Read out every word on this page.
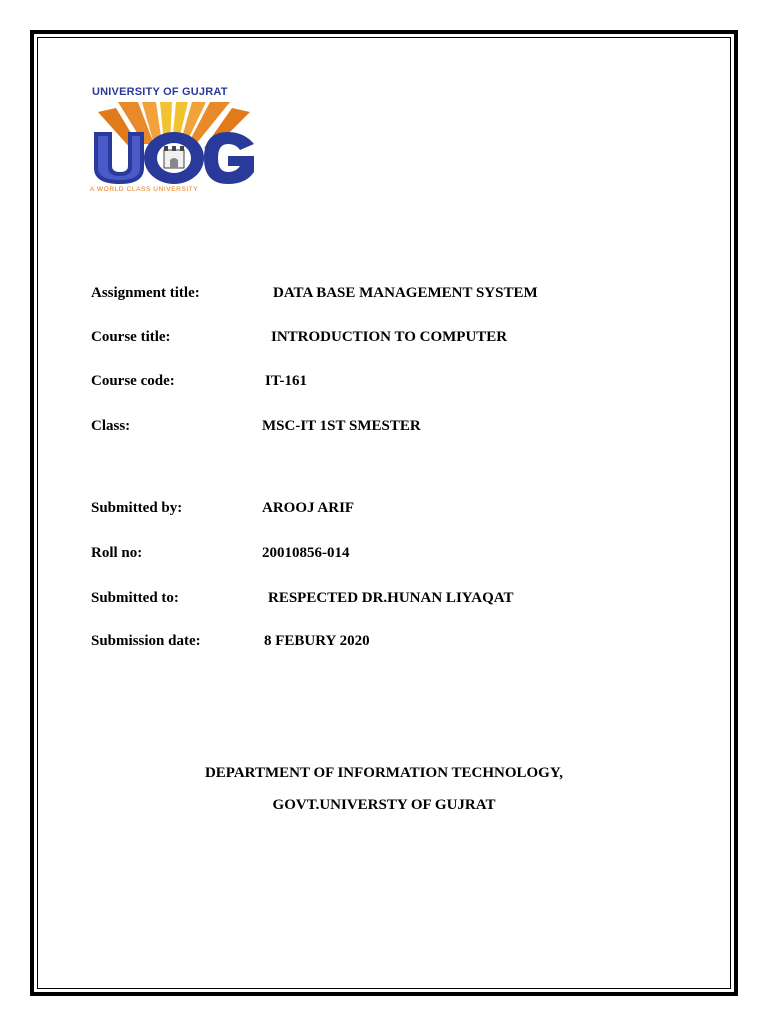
UNIVERSITY OF GUJRAT
A WORLD CLASS UNIVERSITY
Assignment title:	DATA BASE MANAGEMENT SYSTEM
Course title:	INTRODUCTION TO COMPUTER
Course code:	IT-161
Class:	MSC-IT 1ST SMESTER
Submitted by:	AROOJ ARIF
Roll no:	20010856-014
Submitted to:	RESPECTED DR.HUNAN LIYAQAT
Submission date:	8 FEBURY 2020
DEPARTMENT OF INFORMATION TECHNOLOGY,
GOVT.UNIVERSTY OF GUJRAT
